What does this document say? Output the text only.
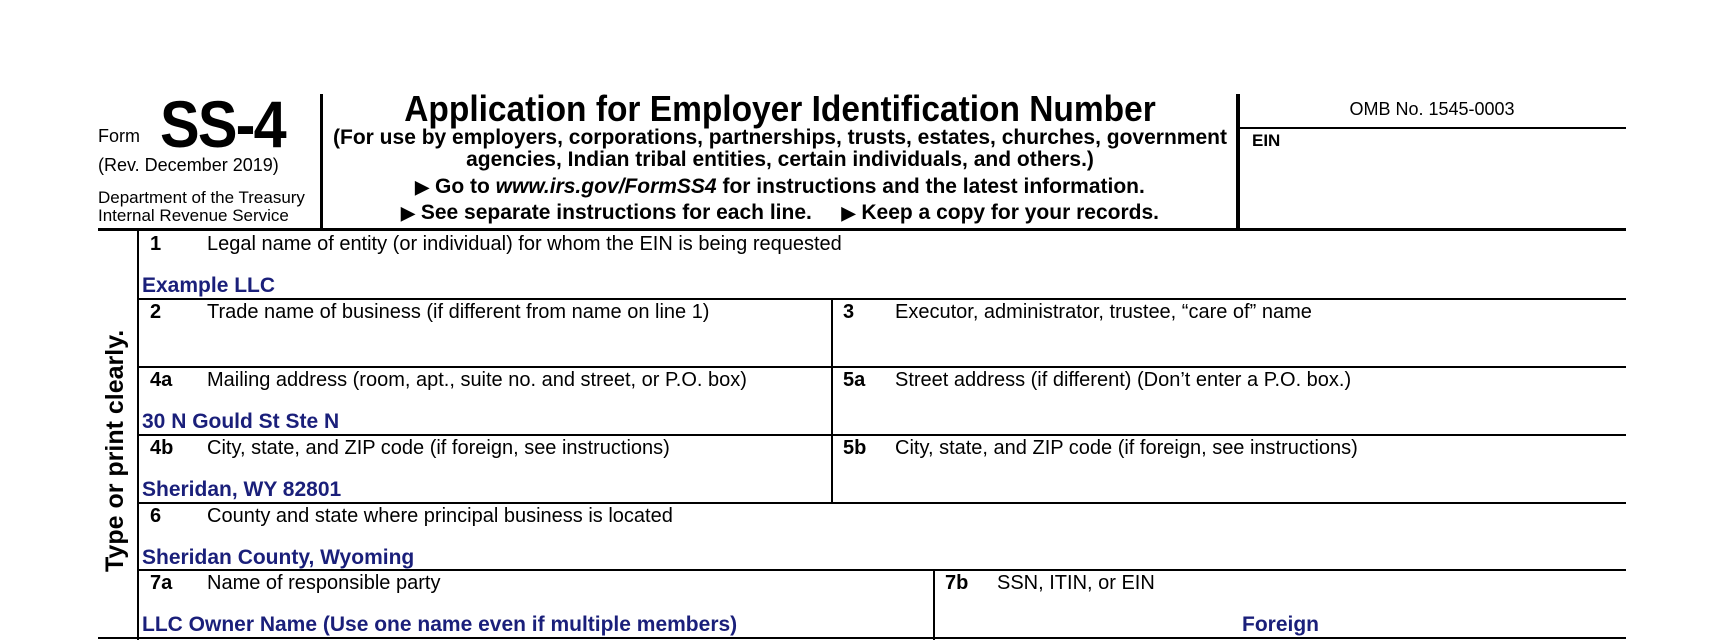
Form SS-4
(Rev. December 2019)
Department of the Treasury
Internal Revenue Service
Application for Employer Identification Number
(For use by employers, corporations, partnerships, trusts, estates, churches, government agencies, Indian tribal entities, certain individuals, and others.)
▶ Go to www.irs.gov/FormSS4 for instructions and the latest information.
▶ See separate instructions for each line. ▶ Keep a copy for your records.
OMB No. 1545-0003
EIN
Type or print clearly.
1 Legal name of entity (or individual) for whom the EIN is being requested
Example LLC
2 Trade name of business (if different from name on line 1)	3 Executor, administrator, trustee, “care of” name
4a Mailing address (room, apt., suite no. and street, or P.O. box)
30 N Gould St Ste N
5a Street address (if different) (Don’t enter a P.O. box.)
4b City, state, and ZIP code (if foreign, see instructions)
Sheridan, WY 82801
5b City, state, and ZIP code (if foreign, see instructions)
6 County and state where principal business is located
Sheridan County, Wyoming
7a Name of responsible party
LLC Owner Name (Use one name even if multiple members)
7b SSN, ITIN, or EIN
Foreign
